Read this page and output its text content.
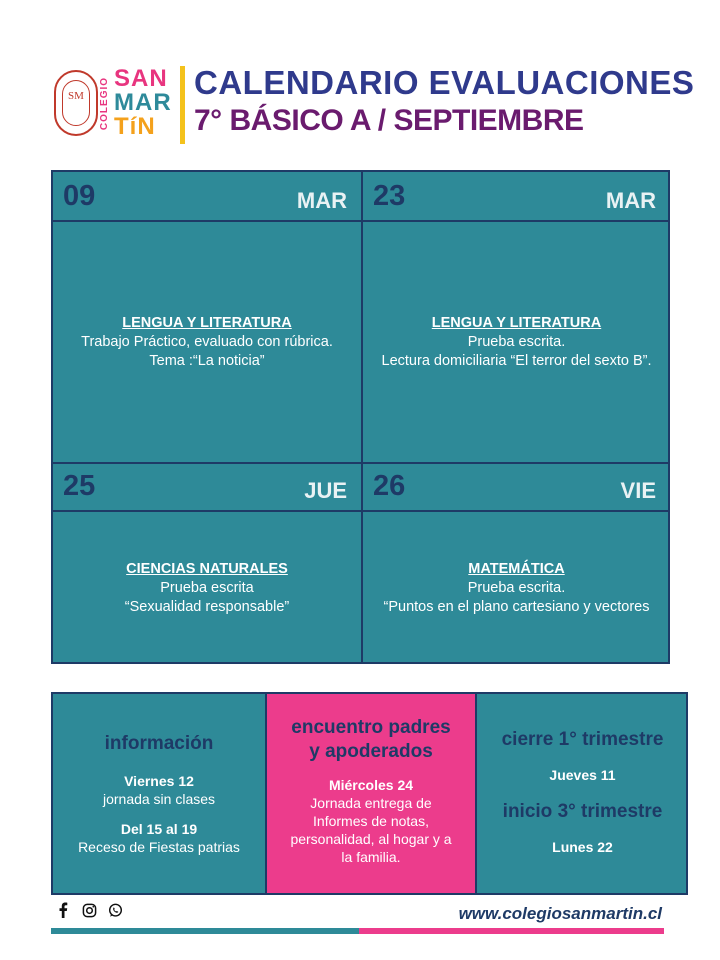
SM	COLEGIO SAN
MAR
TíN
CALENDARIO EVALUACIONES
7° BÁSICO A / SEPTIEMBRE
09	MAR
LENGUA Y LITERATURA
Trabajo Práctico, evaluado con rúbrica.
Tema :“La noticia”
23	MAR
LENGUA Y LITERATURA
Prueba escrita.
Lectura domiciliaria “El terror del sexto B”.
25	JUE
CIENCIAS NATURALES
Prueba escrita
“Sexualidad responsable”
26	VIE
MATEMÁTICA
Prueba escrita.
“Puntos en el plano cartesiano y vectores
información
Viernes 12
jornada sin clases
Del 15 al 19
Receso de Fiestas patrias
encuentro padres
y apoderados
Miércoles 24
Jornada entrega de
Informes de notas,
personalidad, al hogar y a
la familia.
cierre 1° trimestre
Jueves 11
inicio 3° trimestre
Lunes 22
www.colegiosanmartin.cl
